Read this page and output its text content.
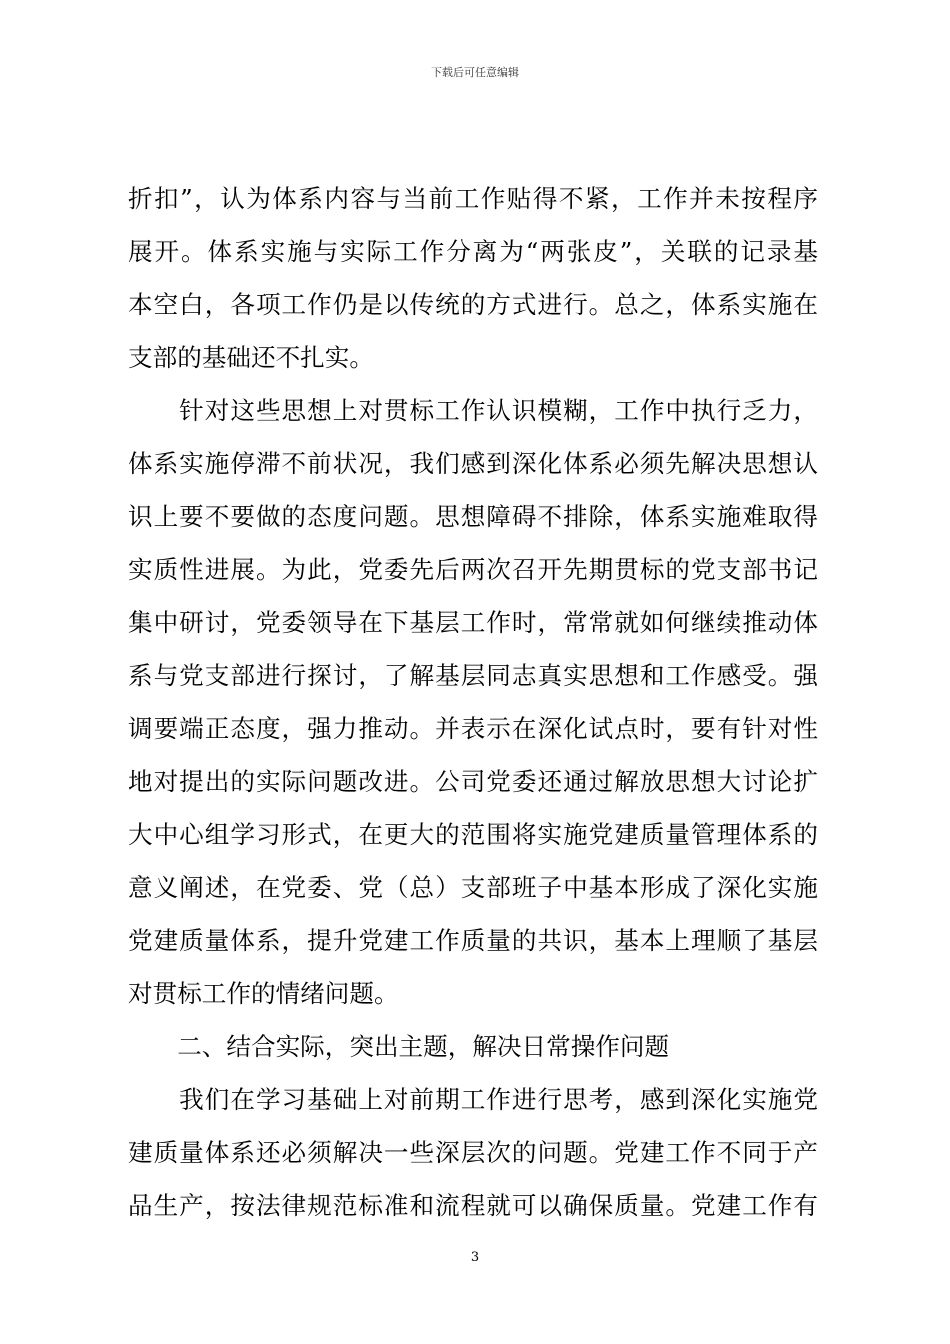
下载后可任意编辑

折扣”，认为体系内容与当前工作贴得不紧，工作并未按程序
展开。体系实施与实际工作分离为“两张皮”，关联的记录基
本空白，各项工作仍是以传统的方式进行。总之，体系实施在
支部的基础还不扎实。

　　针对这些思想上对贯标工作认识模糊，工作中执行乏力，
体系实施停滞不前状况，我们感到深化体系必须先解决思想认
识上要不要做的态度问题。思想障碍不排除，体系实施难取得
实质性进展。为此，党委先后两次召开先期贯标的党支部书记
集中研讨，党委领导在下基层工作时，常常就如何继续推动体
系与党支部进行探讨，了解基层同志真实思想和工作感受。强
调要端正态度，强力推动。并表示在深化试点时，要有针对性
地对提出的实际问题改进。公司党委还通过解放思想大讨论扩
大中心组学习形式，在更大的范围将实施党建质量管理体系的
意义阐述，在党委、党（总）支部班子中基本形成了深化实施
党建质量体系，提升党建工作质量的共识，基本上理顺了基层
对贯标工作的情绪问题。

　　二、结合实际，突出主题，解决日常操作问题

　　我们在学习基础上对前期工作进行思考，感到深化实施党
建质量体系还必须解决一些深层次的问题。党建工作不同于产
品生产，按法律规范标准和流程就可以确保质量。党建工作有

3
